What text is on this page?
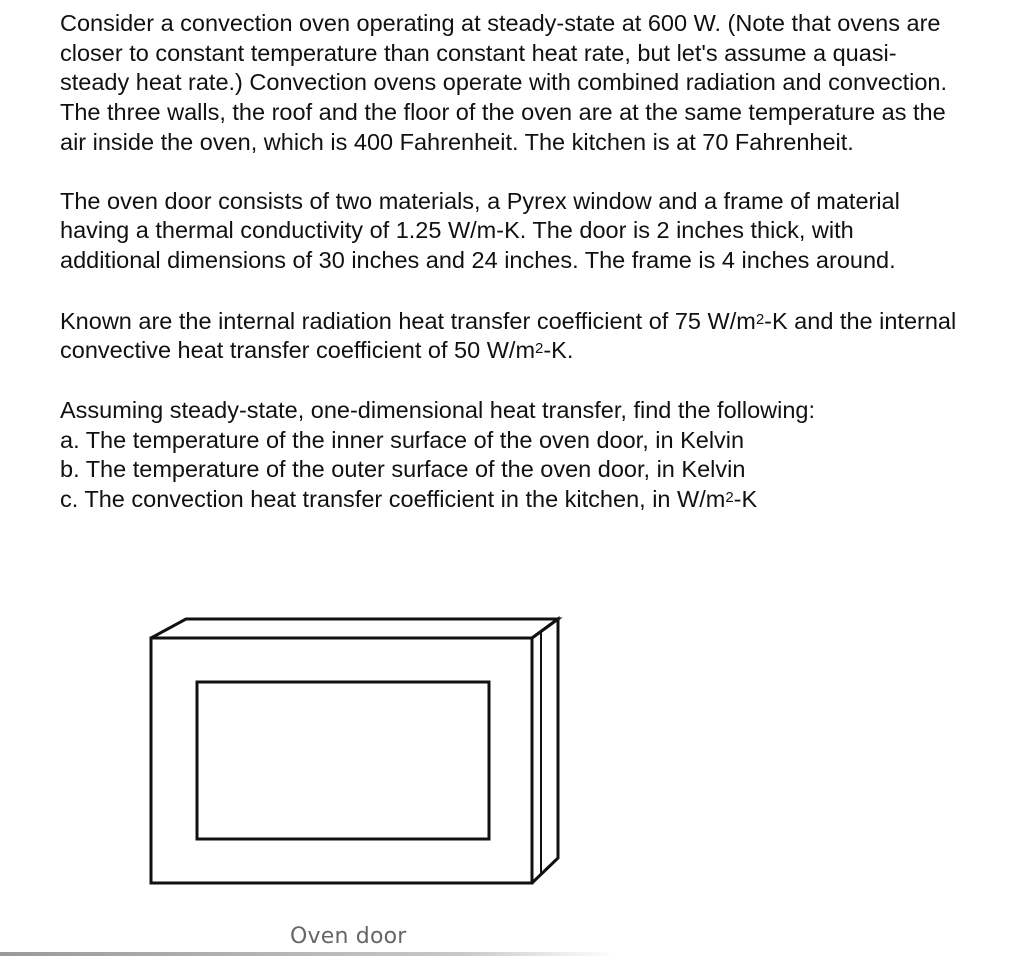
Consider a convection oven operating at steady-state at 600 W. (Note that ovens are closer to constant temperature than constant heat rate, but let's assume a quasi-steady heat rate.) Convection ovens operate with combined radiation and convection. The three walls, the roof and the floor of the oven are at the same temperature as the air inside the oven, which is 400 Fahrenheit. The kitchen is at 70 Fahrenheit.

The oven door consists of two materials, a Pyrex window and a frame of material having a thermal conductivity of 1.25 W/m-K. The door is 2 inches thick, with additional dimensions of 30 inches and 24 inches. The frame is 4 inches around.

Known are the internal radiation heat transfer coefficient of 75 $W/m^2-K$ and the internal convective heat transfer coefficient of 50 $W/m^2-K$.

Assuming steady-state, one-dimensional heat transfer, find the following:
a. The temperature of the inner surface of the oven door, in Kelvin
b. The temperature of the outer surface of the oven door, in Kelvin
c. The convection heat transfer coefficient in the kitchen, in $W/m^2-K$

Oven door
